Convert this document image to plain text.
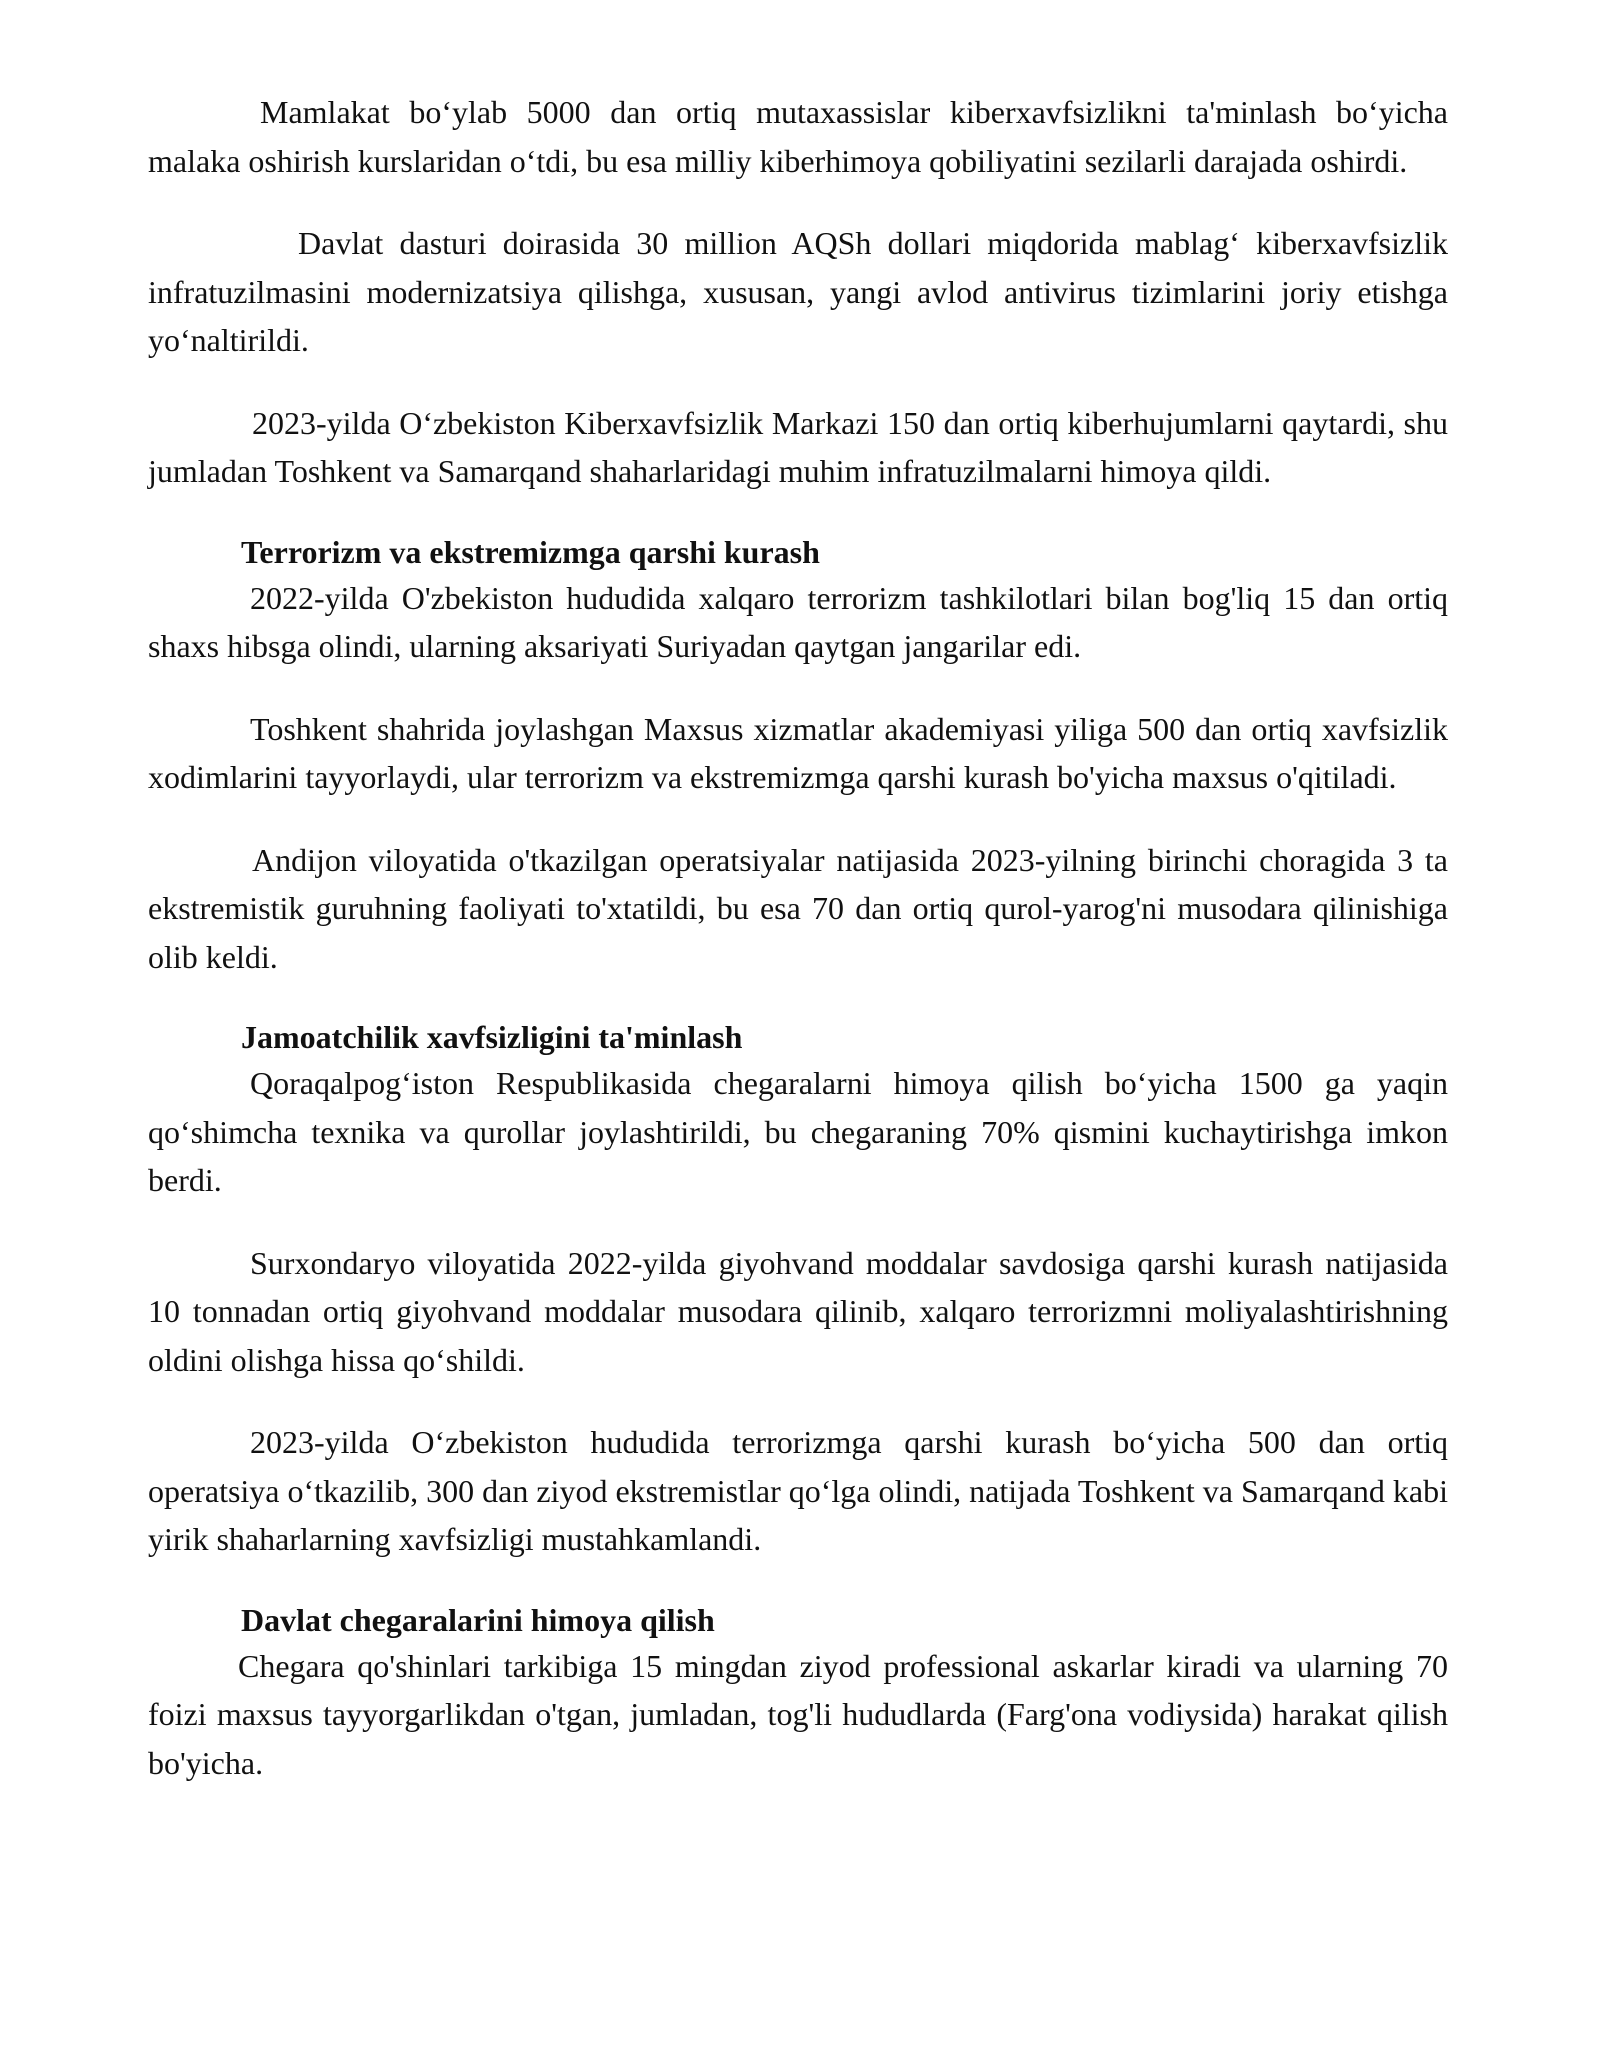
Mamlakat bo‘ylab 5000 dan ortiq mutaxassislar kiberxavfsizlikni ta'minlash bo‘yicha malaka oshirish kurslaridan o‘tdi, bu esa milliy kiberhimoya qobiliyatini sezilarli darajada oshirdi.

Davlat dasturi doirasida 30 million AQSh dollari miqdorida mablag‘ kiberxavfsizlik infratuzilmasini modernizatsiya qilishga, xususan, yangi avlod antivirus tizimlarini joriy etishga yo‘naltirildi.

2023-yilda O‘zbekiston Kiberxavfsizlik Markazi 150 dan ortiq kiberhujumlarni qaytardi, shu jumladan Toshkent va Samarqand shaharlaridagi muhim infratuzilmalarni himoya qildi.

Terrorizm va ekstremizmga qarshi kurash

2022-yilda O'zbekiston hududida xalqaro terrorizm tashkilotlari bilan bog'liq 15 dan ortiq shaxs hibsga olindi, ularning aksariyati Suriyadan qaytgan jangarilar edi.

Toshkent shahrida joylashgan Maxsus xizmatlar akademiyasi yiliga 500 dan ortiq xavfsizlik xodimlarini tayyorlaydi, ular terrorizm va ekstremizmga qarshi kurash bo'yicha maxsus o'qitiladi.

Andijon viloyatida o'tkazilgan operatsiyalar natijasida 2023-yilning birinchi choragida 3 ta ekstremistik guruhning faoliyati to'xtatildi, bu esa 70 dan ortiq qurol-yarog'ni musodara qilinishiga olib keldi.

Jamoatchilik xavfsizligini ta'minlash

Qoraqalpog‘iston Respublikasida chegaralarni himoya qilish bo‘yicha 1500 ga yaqin qo‘shimcha texnika va qurollar joylashtirildi, bu chegaraning 70% qismini kuchaytirishga imkon berdi.

Surxondaryo viloyatida 2022-yilda giyohvand moddalar savdosiga qarshi kurash natijasida 10 tonnadan ortiq giyohvand moddalar musodara qilinib, xalqaro terrorizmni moliyalashtirishning oldini olishga hissa qo‘shildi.

2023-yilda O‘zbekiston hududida terrorizmga qarshi kurash bo‘yicha 500 dan ortiq operatsiya o‘tkazilib, 300 dan ziyod ekstremistlar qo‘lga olindi, natijada Toshkent va Samarqand kabi yirik shaharlarning xavfsizligi mustahkamlandi.

Davlat chegaralarini himoya qilish

Chegara qo'shinlari tarkibiga 15 mingdan ziyod professional askarlar kiradi va ularning 70 foizi maxsus tayyorgarlikdan o'tgan, jumladan, tog'li hududlarda (Farg'ona vodiysida) harakat qilish bo'yicha.
